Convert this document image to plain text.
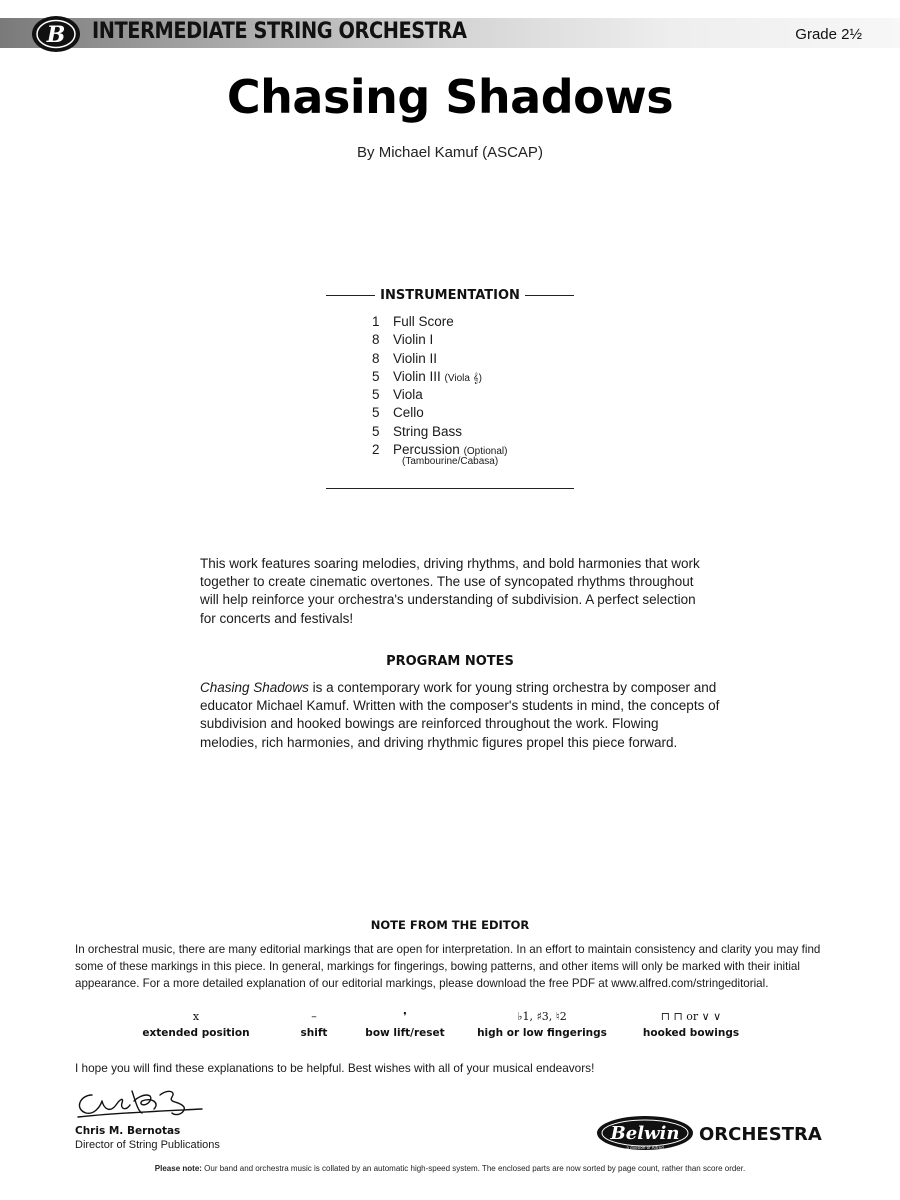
B INTERMEDIATE STRING ORCHESTRA	Grade 2½
Chasing Shadows
By Michael Kamuf (ASCAP)
INSTRUMENTATION
1 Full Score
8 Violin I
8 Violin II
5 Violin III (Viola 𝄞)
5 Viola
5 Cello
5 String Bass
2 Percussion (Optional)
(Tambourine/Cabasa)

This work features soaring melodies, driving rhythms, and bold harmonies that work together to create cinematic overtones. The use of syncopated rhythms throughout will help reinforce your orchestra's understanding of subdivision. A perfect selection for concerts and festivals!

PROGRAM NOTES

Chasing Shadows is a contemporary work for young string orchestra by composer and educator Michael Kamuf. Written with the composer's students in mind, the concepts of subdivision and hooked bowings are reinforced throughout the work. Flowing melodies, rich harmonies, and driving rhythmic figures propel this piece forward.

NOTE FROM THE EDITOR

In orchestral music, there are many editorial markings that are open for interpretation. In an effort to maintain consistency and clarity you may find some of these markings in this piece. In general, markings for fingerings, bowing patterns, and other items will only be marked with their initial appearance. For a more detailed explanation of our editorial markings, please download the free PDF at www.alfred.com/stringeditorial.

x
extended position
–
shift
❜
bow lift/reset
♭1, ♯3, ♮2
high or low fingerings
⊓ ⊓ or ∨ ∨
hooked bowings

I hope you will find these explanations to be helpful. Best wishes with all of your musical endeavors!

Chris M. Bernotas
Director of String Publications
Belwin
a division of Alfred
ORCHESTRA
Please note: Our band and orchestra music is collated by an automatic high-speed system. The enclosed parts are now sorted by page count, rather than score order.
